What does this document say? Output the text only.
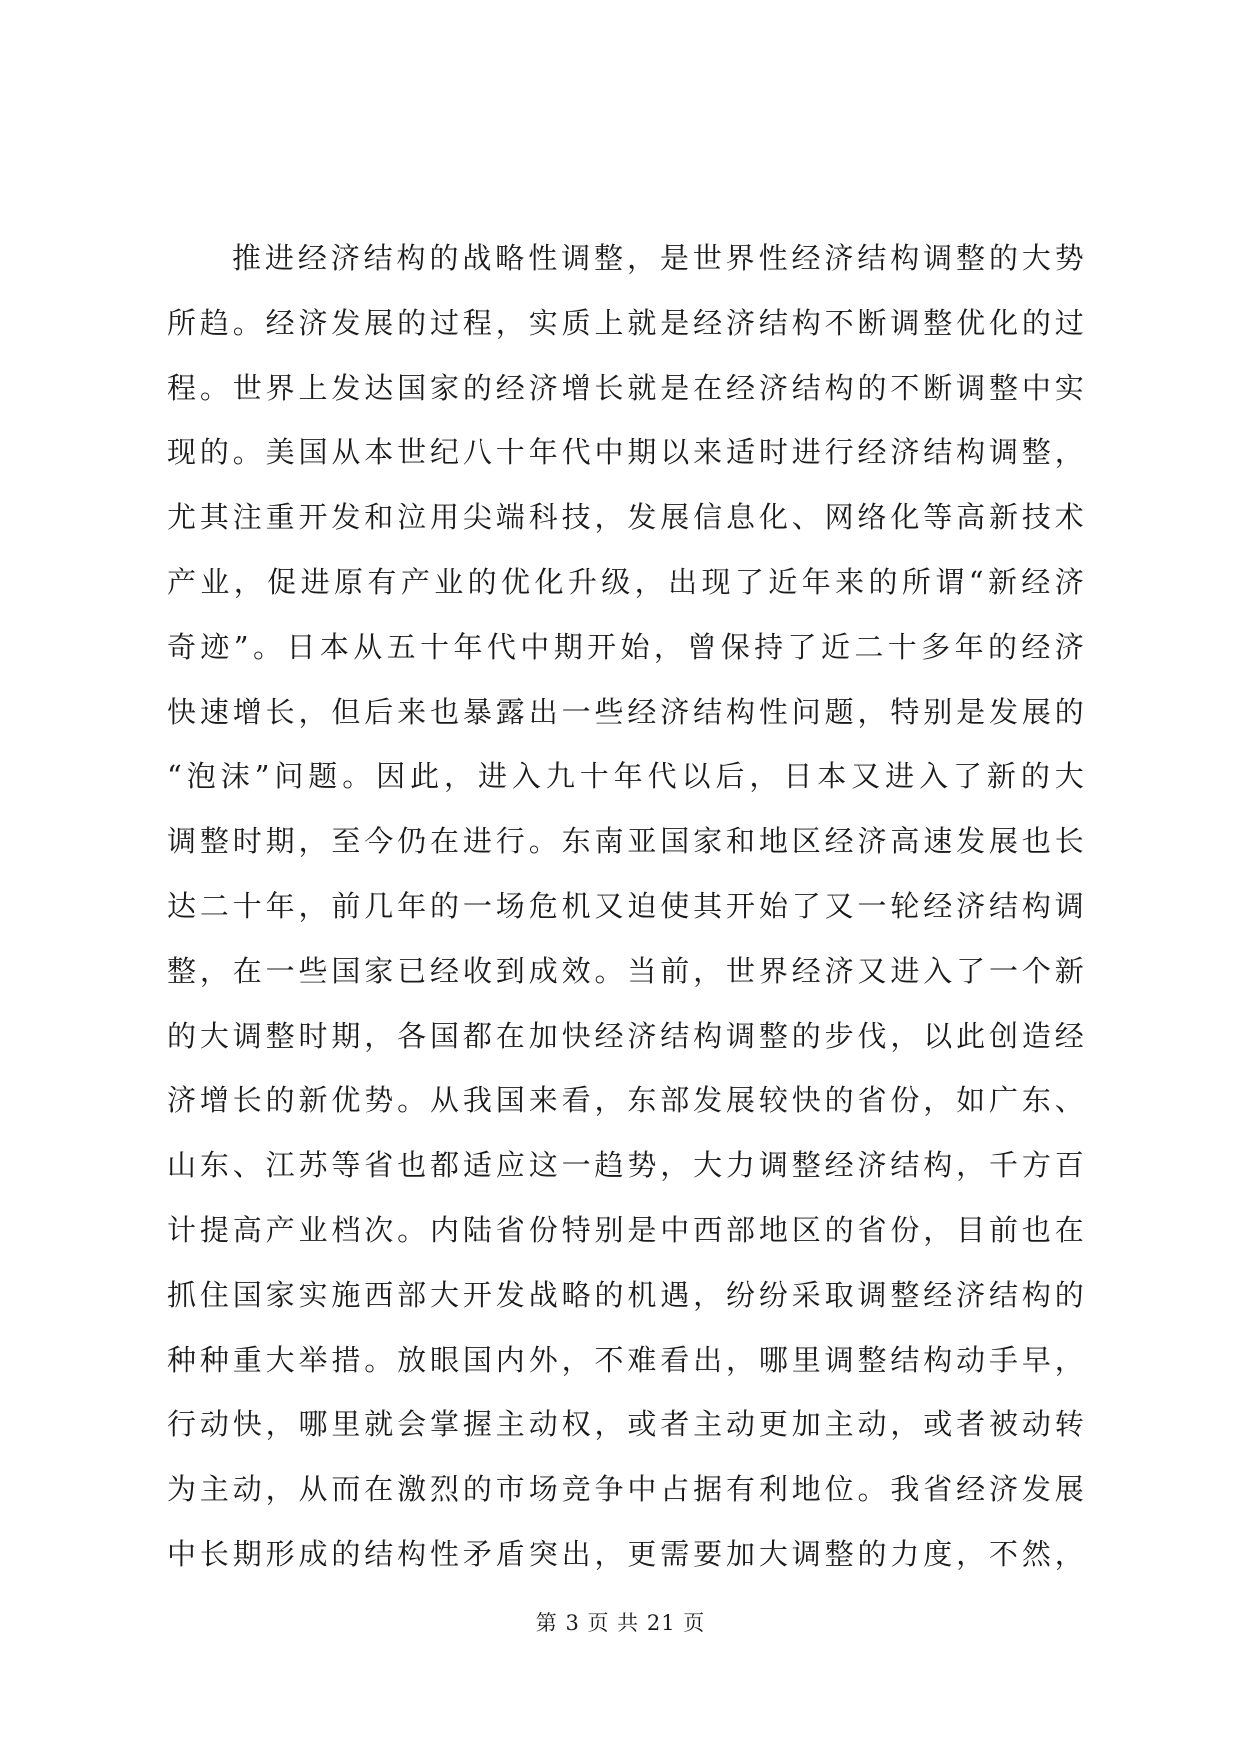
推进经济结构的战略性调整，是世界性经济结构调整的大势
所趋。经济发展的过程，实质上就是经济结构不断调整优化的过
程。世界上发达国家的经济增长就是在经济结构的不断调整中实
现的。美国从本世纪八十年代中期以来适时进行经济结构调整，
尤其注重开发和泣用尖端科技，发展信息化、网络化等高新技术
产业，促进原有产业的优化升级，出现了近年来的所谓“新经济
奇迹”。日本从五十年代中期开始，曾保持了近二十多年的经济
快速增长，但后来也暴露出一些经济结构性问题，特别是发展的
“泡沫”问题。因此，进入九十年代以后，日本又进入了新的大
调整时期，至今仍在进行。东南亚国家和地区经济高速发展也长
达二十年，前几年的一场危机又迫使其开始了又一轮经济结构调
整，在一些国家已经收到成效。当前，世界经济又进入了一个新
的大调整时期，各国都在加快经济结构调整的步伐，以此创造经
济增长的新优势。从我国来看，东部发展较快的省份，如广东、
山东、江苏等省也都适应这一趋势，大力调整经济结构，千方百
计提高产业档次。内陆省份特别是中西部地区的省份，目前也在
抓住国家实施西部大开发战略的机遇，纷纷采取调整经济结构的
种种重大举措。放眼国内外，不难看出，哪里调整结构动手早，
行动快，哪里就会掌握主动权，或者主动更加主动，或者被动转
为主动，从而在激烈的市场竞争中占据有利地位。我省经济发展
中长期形成的结构性矛盾突出，更需要加大调整的力度，不然，
第 3 页 共 21 页
